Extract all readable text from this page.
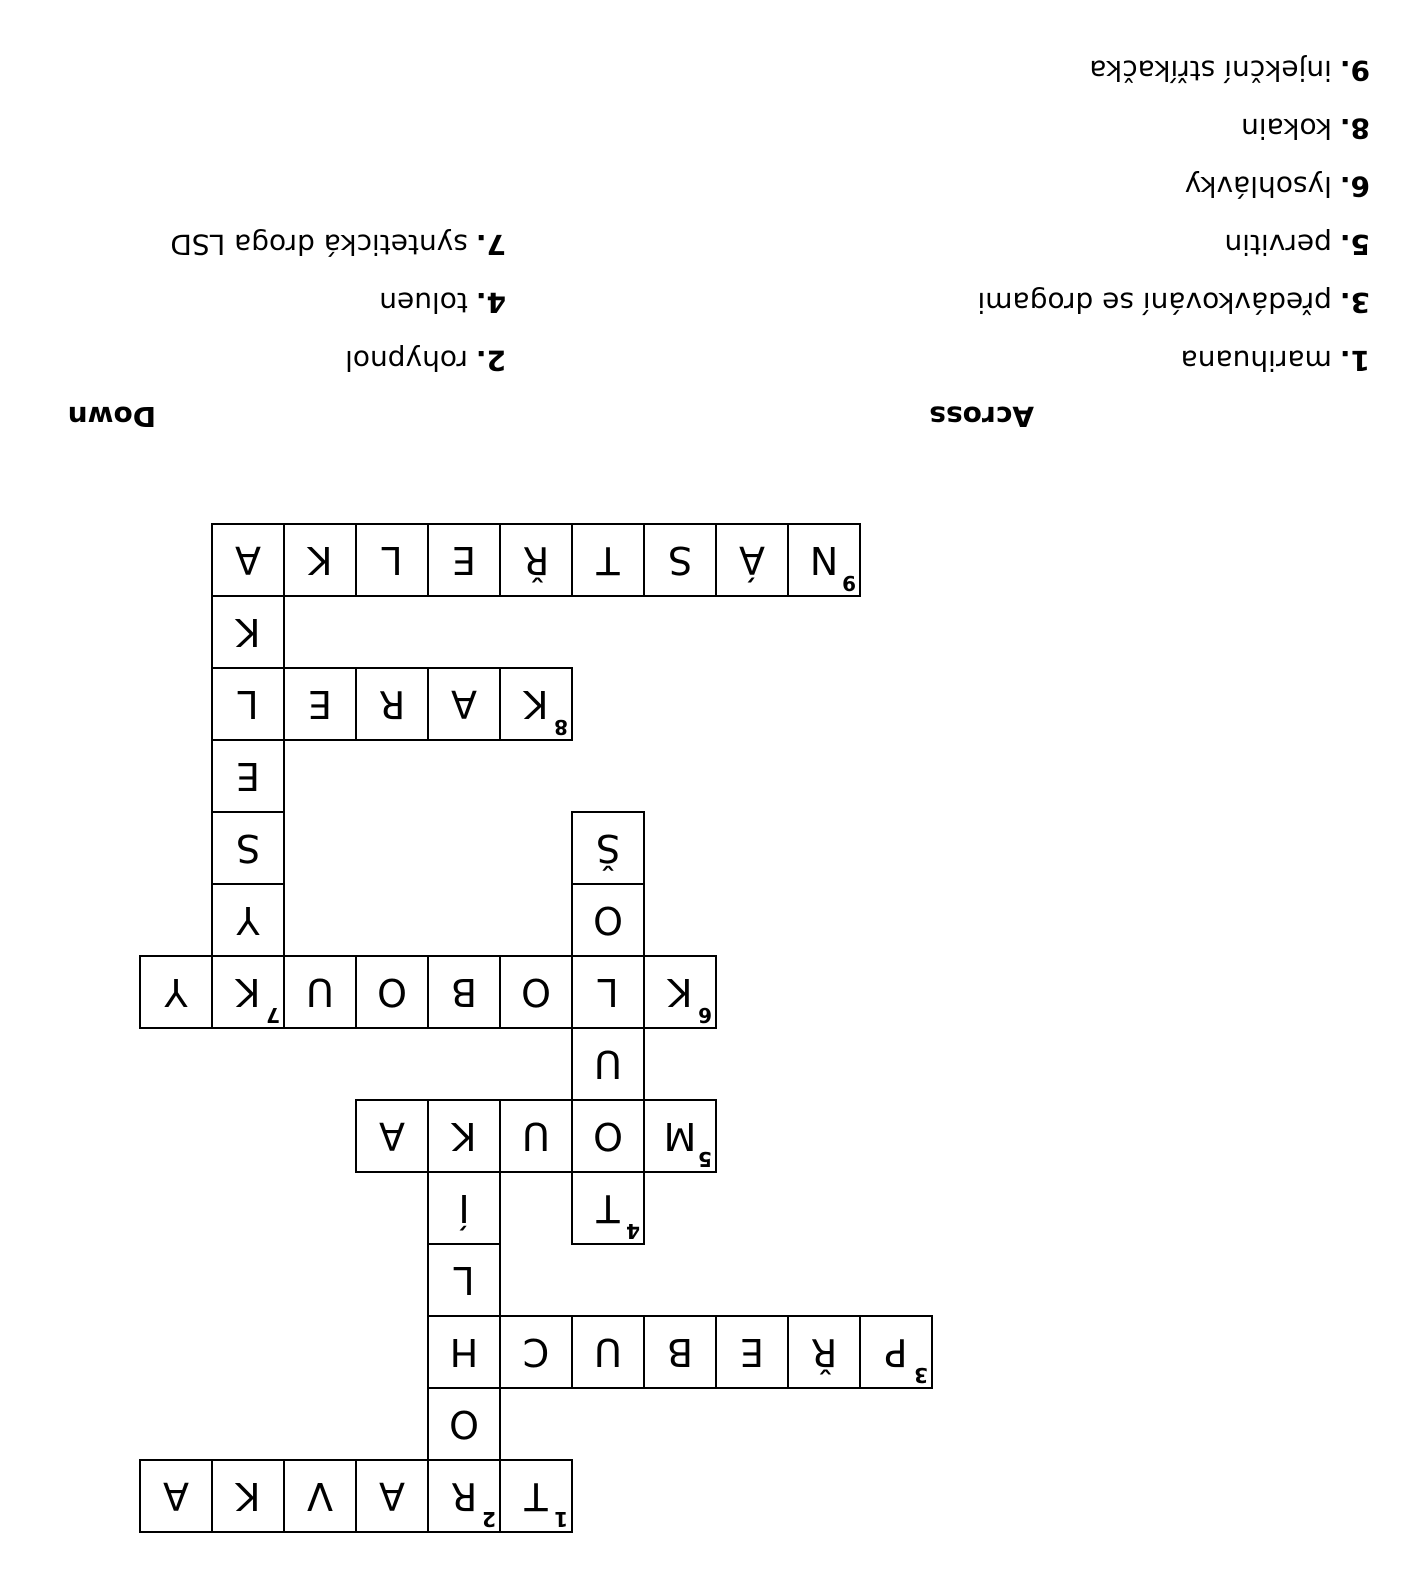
T
1
R
2
A
V
K
A
O
H
L
Í
K
P
3
Ř
E
B
U
C
T
4
O
U
L
O
Š
M
5
U
A
K
6
O
B
O
U
K
7
Y
Y
S
E
L
K
A
K
8
A
R
E
N
9
Á
S
T
Ř
E
L
K
Across
Down
1.marihuana
3.předávkování se drogami
5.pervitin
6.lysohlávky
8.kokain
9.injekční stříkačka
2.rohypnol
4.toluen
7.syntetická droga LSD
